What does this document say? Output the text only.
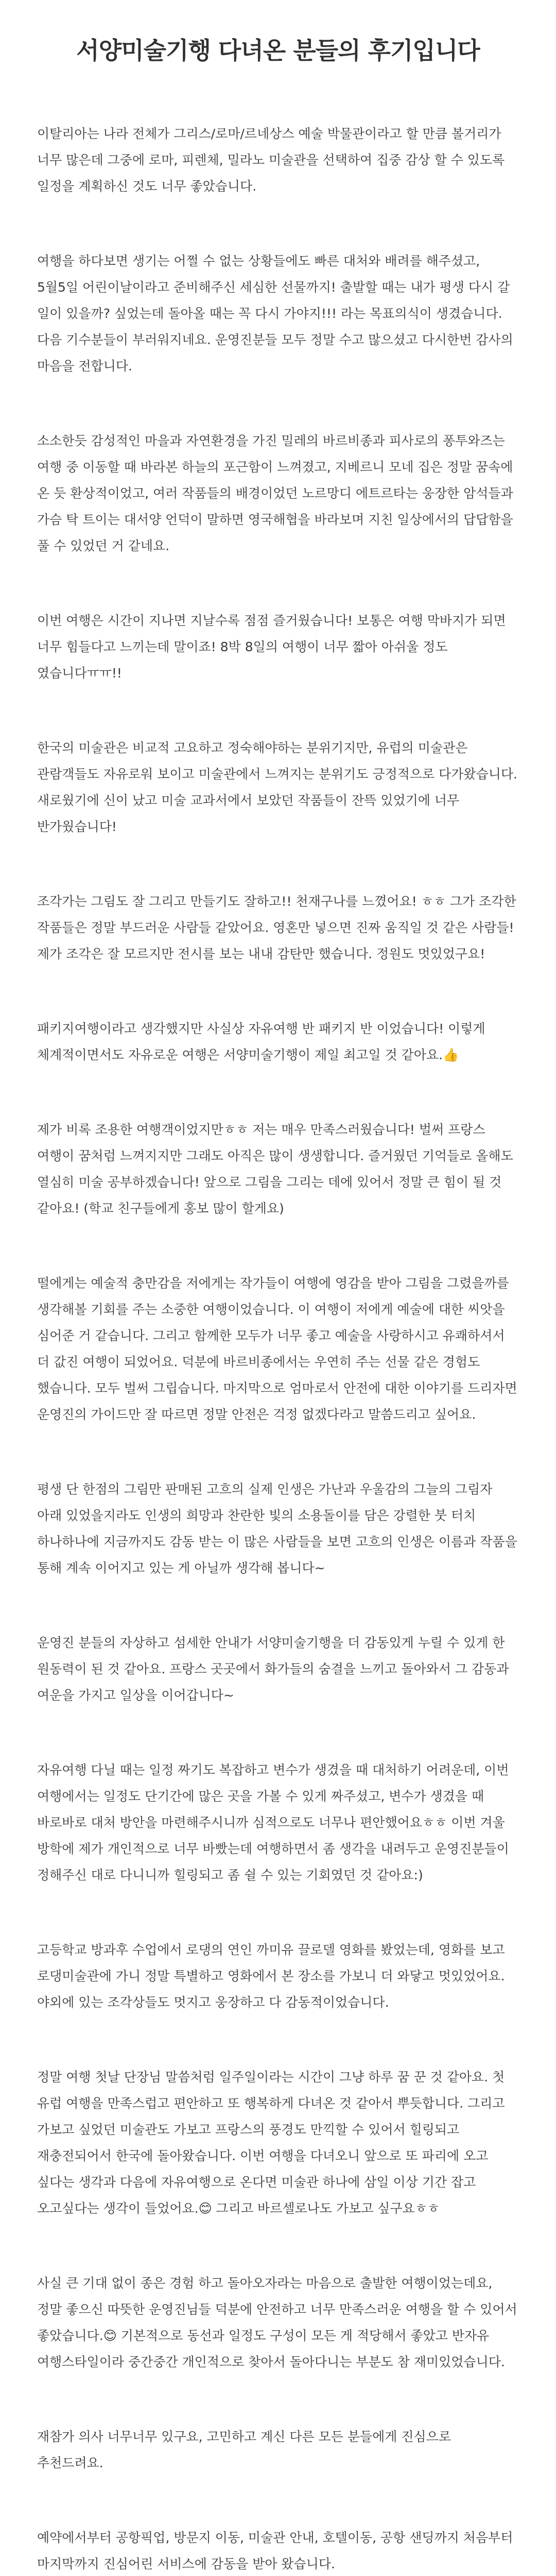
서양미술기행 다녀온 분들의 후기입니다

이탈리아는 나라 전체가 그리스/로마/르네상스 예술 박물관이라고 할 만큼 볼거리가 너무 많은데 그중에 로마, 피렌체, 밀라노 미술관을 선택하여 집중 감상 할 수 있도록 일정을 계획하신 것도 너무 좋았습니다.

여행을 하다보면 생기는 어쩔 수 없는 상황들에도 빠른 대처와 배려를 해주셨고, 5월5일 어린이날이라고 준비해주신 세심한 선물까지! 출발할 때는 내가 평생 다시 갈 일이 있을까? 싶었는데 돌아올 때는 꼭 다시 가야지!!! 라는 목표의식이 생겼습니다. 다음 기수분들이 부러워지네요. 운영진분들 모두 정말 수고 많으셨고 다시한번 감사의 마음을 전합니다.

소소한듯 감성적인 마을과 자연환경을 가진 밀레의 바르비종과 피사로의 퐁투와즈는 여행 중 이동할 때 바라본 하늘의 포근함이 느껴졌고, 지베르니 모네 집은 정말 꿈속에 온 듯 환상적이었고, 여러 작품들의 배경이었던 노르망디 에트르타는 웅장한 암석들과 가슴 탁 트이는 대서양 언덕이 말하면 영국해협을 바라보며 지친 일상에서의 답답함을 풀 수 있었던 거 같네요.

이번 여행은 시간이 지나면 지날수록 점점 즐거웠습니다! 보통은 여행 막바지가 되면 너무 힘들다고 느끼는데 말이죠! 8박 8일의 여행이 너무 짧아 아쉬울 정도 였습니다ㅠㅠ!!

한국의 미술관은 비교적 고요하고 정숙해야하는 분위기지만, 유럽의 미술관은 관람객들도 자유로워 보이고 미술관에서 느껴지는 분위기도 긍정적으로 다가왔습니다. 새로웠기에 신이 났고 미술 교과서에서 보았던 작품들이 잔뜩 있었기에 너무 반가웠습니다!

조각가는 그림도 잘 그리고 만들기도 잘하고!! 천재구나를 느꼈어요! ㅎㅎ 그가 조각한 작품들은 정말 부드러운 사람들 같았어요. 영혼만 넣으면 진짜 움직일 것 같은 사람들! 제가 조각은 잘 모르지만 전시를 보는 내내 감탄만 했습니다. 정원도 멋있었구요!

패키지여행이라고 생각했지만 사실상 자유여행 반 패키지 반 이었습니다! 이렇게 체계적이면서도 자유로운 여행은 서양미술기행이 제일 최고일 것 같아요.👍

제가 비록 조용한 여행객이었지만ㅎㅎ 저는 매우 만족스러웠습니다! 벌써 프랑스 여행이 꿈처럼 느껴지지만 그래도 아직은 많이 생생합니다. 즐거웠던 기억들로 올해도 열심히 미술 공부하겠습니다! 앞으로 그림을 그리는 데에 있어서 정말 큰 힘이 될 것 같아요! (학교 친구들에게 홍보 많이 할게요)

떨에게는 예술적 충만감을 저에게는 작가들이 여행에 영감을 받아 그림을 그렸을까를 생각해볼 기회를 주는 소중한 여행이었습니다. 이 여행이 저에게 예술에 대한 씨앗을 심어준 거 같습니다. 그리고 함께한 모두가 너무 좋고 예술을 사랑하시고 유쾌하셔서 더 값진 여행이 되었어요. 덕분에 바르비종에서는 우연히 주는 선물 같은 경험도 했습니다. 모두 벌써 그립습니다. 마지막으로 엄마로서 안전에 대한 이야기를 드리자면 운영진의 가이드만 잘 따르면 정말 안전은 걱정 없겠다라고 말씀드리고 싶어요.

평생 단 한점의 그림만 판매된 고흐의 실제 인생은 가난과 우울감의 그늘의 그림자 아래 있었을지라도 인생의 희망과 찬란한 빛의 소용돌이를 담은 강렬한 붓 터치 하나하나에 지금까지도 감동 받는 이 많은 사람들을 보면 고흐의 인생은 이름과 작품을 통해 계속 이어지고 있는 게 아닐까 생각해 봅니다~

운영진 분들의 자상하고 섬세한 안내가 서양미술기행을 더 감동있게 누릴 수 있게 한 원동력이 된 것 같아요. 프랑스 곳곳에서 화가들의 숨결을 느끼고 돌아와서 그 감동과 여운을 가지고 일상을 이어갑니다~

자유여행 다닐 때는 일정 짜기도 복잡하고 변수가 생겼을 때 대처하기 어려운데, 이번 여행에서는 일정도 단기간에 많은 곳을 가볼 수 있게 짜주셨고, 변수가 생겼을 때 바로바로 대처 방안을 마련해주시니까 심적으로도 너무나 편안했어요ㅎㅎ 이번 겨울 방학에 제가 개인적으로 너무 바빴는데 여행하면서 좀 생각을 내려두고 운영진분들이 정해주신 대로 다니니까 힐링되고 좀 쉴 수 있는 기회였던 것 같아요:)

고등학교 방과후 수업에서 로댕의 연인 까미유 끌로델 영화를 봤었는데, 영화를 보고 로댕미술관에 가니 정말 특별하고 영화에서 본 장소를 가보니 더 와닿고 멋있었어요. 야외에 있는 조각상들도 멋지고 웅장하고 다 감동적이었습니다.

정말 여행 첫날 단장님 말씀처럼 일주일이라는 시간이 그냥 하루 꿈 꾼 것 같아요. 첫 유럽 여행을 만족스럽고 편안하고 또 행복하게 다녀온 것 같아서 뿌듯합니다. 그리고 가보고 싶었던 미술관도 가보고 프랑스의 풍경도 만끽할 수 있어서 힐링되고 재충전되어서 한국에 돌아왔습니다. 이번 여행을 다녀오니 앞으로 또 파리에 오고 싶다는 생각과 다음에 자유여행으로 온다면 미술관 하나에 삼일 이상 기간 잡고 오고싶다는 생각이 들었어요.😊 그리고 바르셀로나도 가보고 싶구요ㅎㅎ

사실 큰 기대 없이 종은 경험 하고 돌아오자라는 마음으로 출발한 여행이었는데요, 정말 좋으신 따뜻한 운영진님들 덕분에 안전하고 너무 만족스러운 여행을 할 수 있어서 좋았습니다.😊 기본적으로 동선과 일정도 구성이 모든 게 적당해서 좋았고 반자유 여행스타일이라 중간중간 개인적으로 찾아서 돌아다니는 부분도 참 재미있었습니다.

재참가 의사 너무너무 있구요, 고민하고 계신 다른 모든 분들에게 진심으로 추천드려요.

예약에서부터 공항픽업, 방문지 이동, 미술관 안내, 호텔이동, 공항 샌딩까지 처음부터 마지막까지 진심어린 서비스에 감동을 받아 왔습니다.
